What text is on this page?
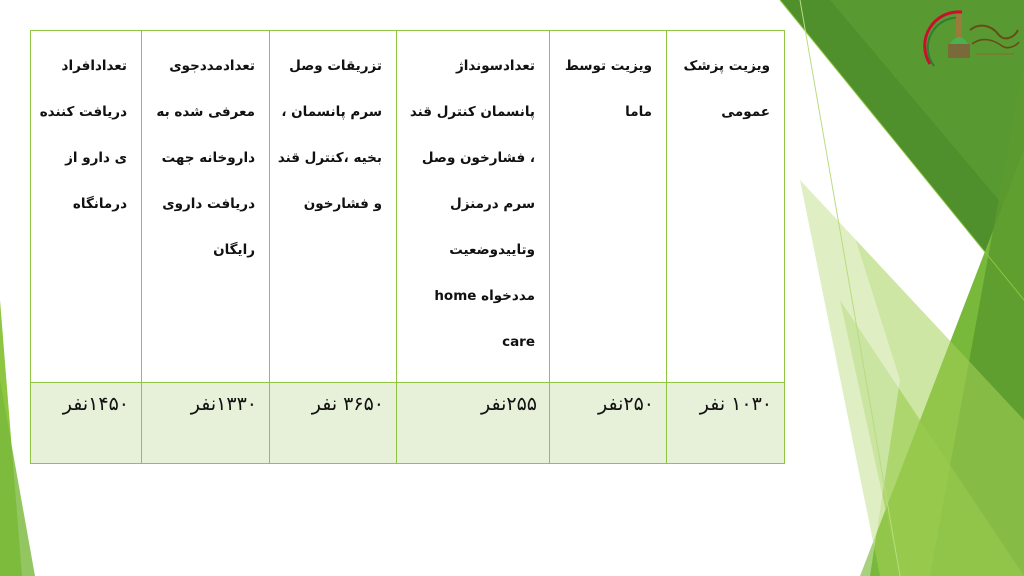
ویزیت پزشک عمومی	ویزیت توسط ماما	تعدادسونداژ پانسمان کنترل قند ، فشارخون وصل سرم درمنزل وتاییدوضعیت مددخواه home care	تزریقات وصل سرم پانسمان ، بخیه ،کنترل قند و فشارخون	تعدادمددجوی معرفی شده به داروخانه جهت دریافت داروی رایگان	تعدادافراد دریافت کننده ی دارو از درمانگاه

۱۰۳۰ نفر	۲۵۰نفر	۲۵۵نفر	۳۶۵۰ نفر	۱۳۳۰نفر	۱۴۵۰نفر
